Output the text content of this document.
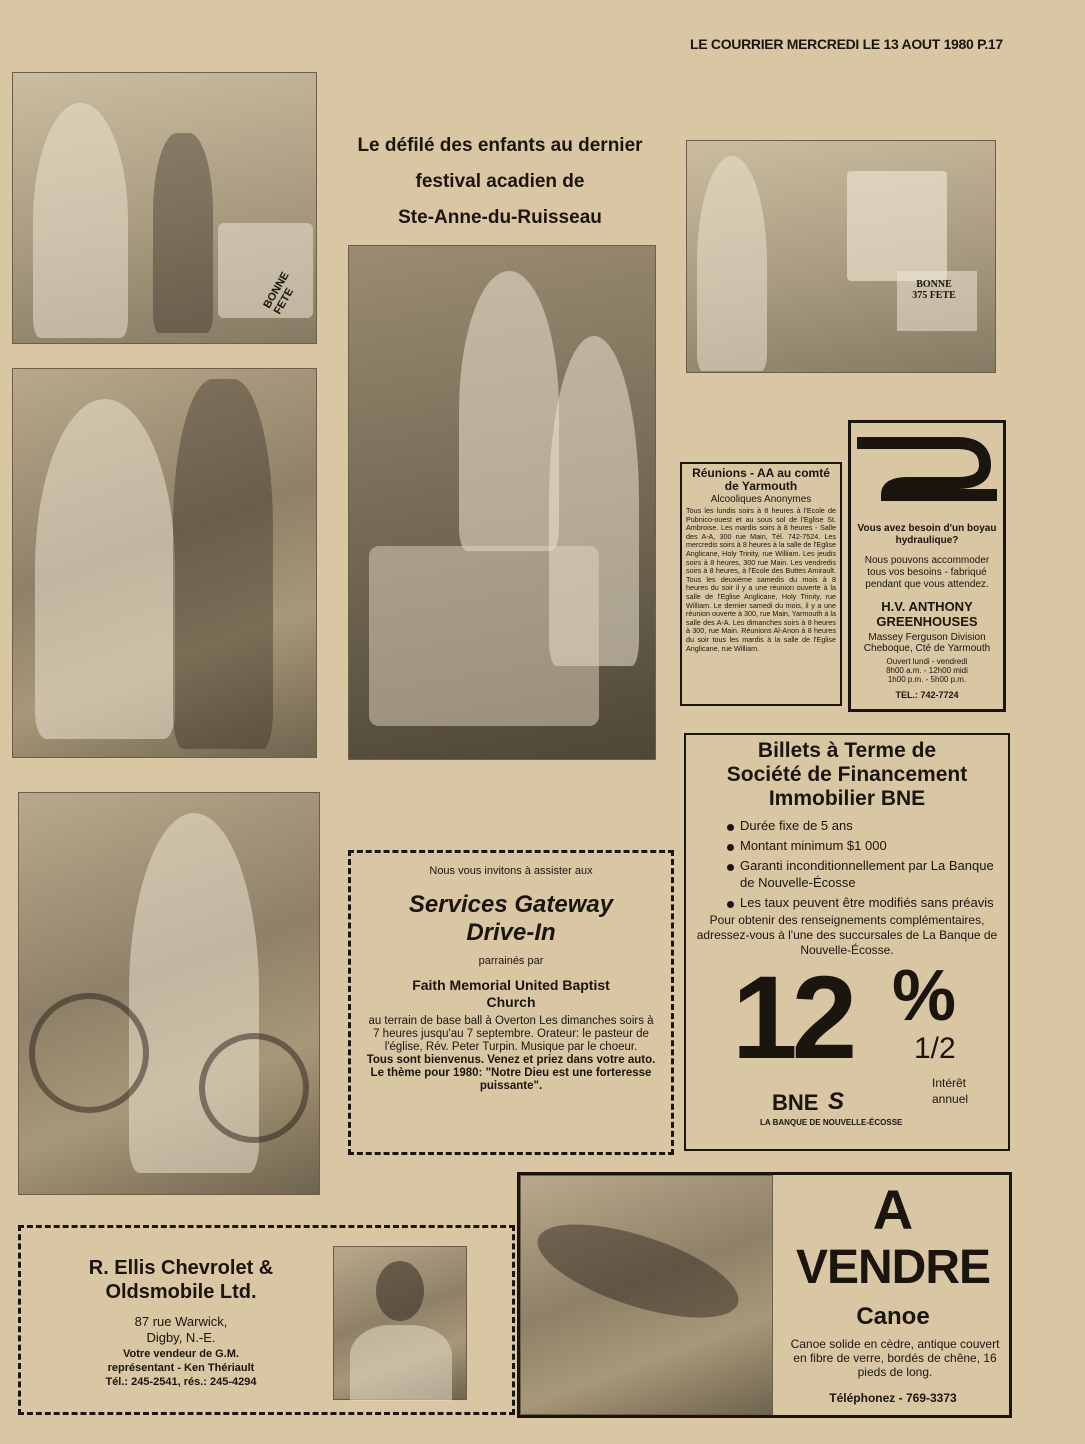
LE COURRIER MERCREDI LE 13 AOUT 1980 P.17
BONNE FETE
BONNE 375 FETE
Le défilé des enfants au dernier
festival acadien de
Ste-Anne-du-Ruisseau
Réunions - AA au comté de Yarmouth
Alcooliques Anonymes
Tous les lundis soirs à 8 heures à l'Ecole de Pubnico-ouest et au sous sol de l'Eglise St. Ambroise. Les mardis soirs à 8 heures - Salle des A-A, 300 rue Main, Tél. 742-7524. Les mercredis soirs à 8 heures à la salle de l'Eglise Anglicane, Holy Trinity, rue William. Les jeudis soirs à 8 heures, 300 rue Main. Les vendredis soirs à 8 heures, à l'Ecole des Buttes Amirault. Tous les deuxième samedis du mois à 8 heures du soir il y a une réunion ouverte à la salle de l'Eglise Anglicane, Holy Trinity, rue William. Le dernier samedi du mois, il y a une réunion ouverte à 300, rue Main, Yarmouth à la salle des A-A. Les dimanches soirs à 8 heures à 300, rue Main. Réunions Al-Anon à 8 heures du soir tous les mardis à la salle de l'Eglise Anglicane, rue William.
Vous avez besoin d'un boyau hydraulique?
Nous pouvons accommoder tous vos besoins - fabriqué pendant que vous attendez.
H.V. ANTHONY GREENHOUSES
Massey Ferguson Division
Cheboque, Cté de Yarmouth
Ouvert lundi - vendredi
8h00 a.m. - 12h00 midi
1h00 p.m. - 5h00 p.m.
TEL.: 742-7724
Billets à Terme de
Société de Financement
Immobilier BNE
Durée fixe de 5 ans
Montant minimum $1 000
Garanti inconditionnellement par La Banque de Nouvelle-Écosse
Les taux peuvent être modifiés sans préavis
Pour obtenir des renseignements complémentaires, adressez-vous à l'une des succursales de La Banque de Nouvelle-Écosse.
12 %
1/2
BNE S
LA BANQUE DE NOUVELLE-ÉCOSSE
Intérêt
annuel
Nous vous invitons à assister aux
Services Gateway
Drive-In
parrainés par
Faith Memorial United Baptist
Church
au terrain de base ball à Overton Les dimanches soirs à 7 heures jusqu'au 7 septembre. Orateur: le pasteur de l'église, Rév. Peter Turpin. Musique par le choeur.
Tous sont bienvenus. Venez et priez dans votre auto. Le thème pour 1980: "Notre Dieu est une forteresse puissante".
R. Ellis Chevrolet &
Oldsmobile Ltd.
87 rue Warwick,
Digby, N.-E.
Votre vendeur de G.M.
représentant - Ken Thériault
Tél.: 245-2541, rés.: 245-4294
A
VENDRE
Canoe
Canoe solide en cèdre, antique couvert en fibre de verre, bordés de chêne, 16 pieds de long.
Téléphonez - 769-3373
